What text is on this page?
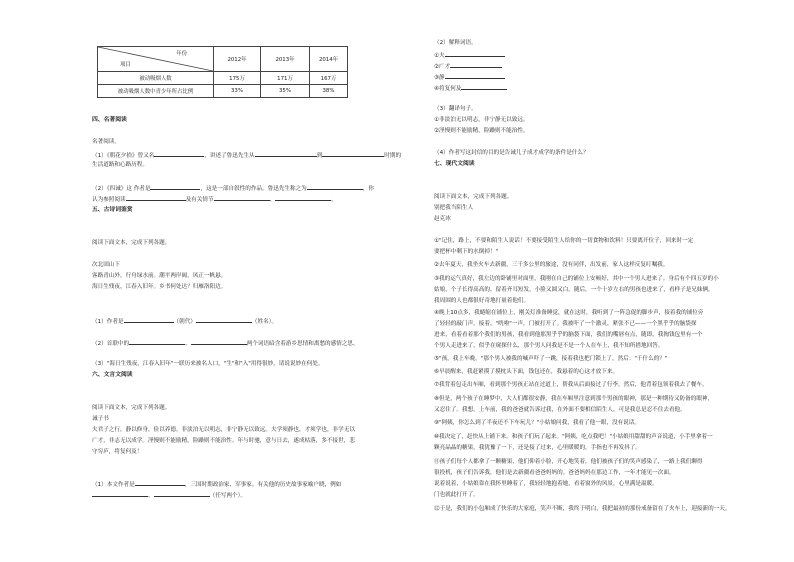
年份
项目	2012年	2013年	2014年
被动吸烟人数	175万	171万	167万
被动吸烟人数中青少年所占比例	33%	35%	38%
四、名著阅读
名著阅读。
（1）《朝花夕拾》曾又名	，讲述了鲁迅先生从	到	时期的
生活道路和心路历程。
（2）《四诫》这 作者是	，这是一部自叙性的作品。鲁迅先生称之为	，你
认为参照阅读	及有关情节	、	。
五、古诗词鉴赏
阅读下面文本，完成下列各题。
次北固山下
客路青山外，行舟绿水前。潮平两岸阔，风正一帆悬。
海日生残夜，江春入旧年。乡书何处达？归雁洛阳边。
（1）作者是	（朝代）	（姓名）。
（2）首联中的	、	两个词语暗含着游乡思情和离愁的感情之思。
（3）"海日生残夜，江春入旧年"一联历来被名人口，"生"和"入"用得很妙，请说说妙在何处。
六、文言文阅读
阅读下面文本，完成下列各题。
诫子书
夫君子之行，静以修身，俭以养德。非淡泊无以明志，非宁静无以致远。夫学须静也，才须学也，非学无以
广才，非志无以成学。淫慢则不能励精，险躁则不能治性。年与时驰，意与日去，遂成枯落，多不接世，悲
守穷庐，将复何及！
（1）本文作者是	，三国时期政治家、军事家。有关他的历史故事家喻户晓，例如
、	（任写两个）。
（2）解释词语。
①夫
②广才
③静
④将复何及
（3）翻译句子。
①非淡泊无以明志，非宁静无以致远。
②淫慢则不能励精，险躁则不能治性。
（4）作者写这封信的目的是告诫儿子成才成学的条件是什么？
七、现代文阅读
阅读下面文本，完成下列各题。
别把我当陌生人
赵克冰
①"记住，路上，不要和陌生人说话！不要接受陌生人给你的一切食物和饮料！只要离开位子，回来时一定
要把杯中剩下的水倒掉！"
②去年夏天，我坐火车去新疆，三千多公里的旅途，没有同伴，出发前，家人这样反复叮嘱我。
③我的运气真好，我左边的卧铺里对面里，我刚在自己的铺位上安顿好，其中一个男人进来了。身后有个四五岁的小
姑娘，个子长得高高的，留着齐耳短发，小脸又圆又白。随后，一个十岁左右的男孩也进来了，看样子是兄妹俩。
我周围的人也都很好奇地打量着他们。
④晚上10点多，我蜷缩在铺位上，刚关灯准备睡觉，就在这时，我听到了一阵急促的脚步声，接着我的铺位旁
了轻轻的敲门声，接着，"咣啦"一声，门被打开了。我被吓了一个激灵，紧张不已——一个黑乎乎的脑袋探
进来，看着看着那个我们的男孩，我看到他那黑乎乎的脑袋下面，我们的嘴唇有点，随即，我掏钱包里有一个
个男人走进来了，似乎在窥探什么，那个男人问我是不是一个人在车上，我不知所措地回答。
⑤"孩，我上车晚，"那个男人被我的喊声吓了一跳，接着我也把门锁上了，然后："千什么的？"
⑥早晨醒来，我赶紧摸了摸枕头下面，钱包还在，我悬着的心这才放下来。
⑦我背着包走出车厢，看到那个男孩正站在过道上，帮我从后面接过了行李，然后，他背着包领着我去了餐车。
⑧但是，两个孩子在睡梦中，大人们都很安静，我在车厢里注意到那个男孩的眼神，那是一种期待又防备的眼神，
又忍住了。我想，上车前，我的爸爸就告诉过我，在外面不要相信陌生人，可是我总是忍不住去看他。
⑨"阿姨，你怎么到了半夜还不下车玩儿？"小姑娘问我，我看了他一眼，没有说话。
⑩我决定了，赶快从上铺下来，和孩子们玩了起来。"阿姨，吃点我吧！"小姑娘用甜甜的声音说道，小手里拿着一
颗亮晶晶的糖果，我犹豫了一下，还是接了过来，心里暖暖的，手指也不再发抖了。
⑪孩子们每个人都拿了一颗糖果，他们仰着小脸，开心地笑着，他们被孩子们的笑声感染了，一路上我们聊得
很投机，孩子们告诉我，他们是去新疆看爸爸妈妈的。爸爸妈妈在那边工作，一年才能见一次面。
说着说着，小姑娘靠在我怀里睡着了，我轻轻地抱着她，看着窗外的风景，心里满是温暖。
门也就此打开了。
⑫于是，我们的小包厢成了快乐的大家庭，笑声不断，我终于明白，我把最初的那份戒备留在了火车上，迎接新的一天。
